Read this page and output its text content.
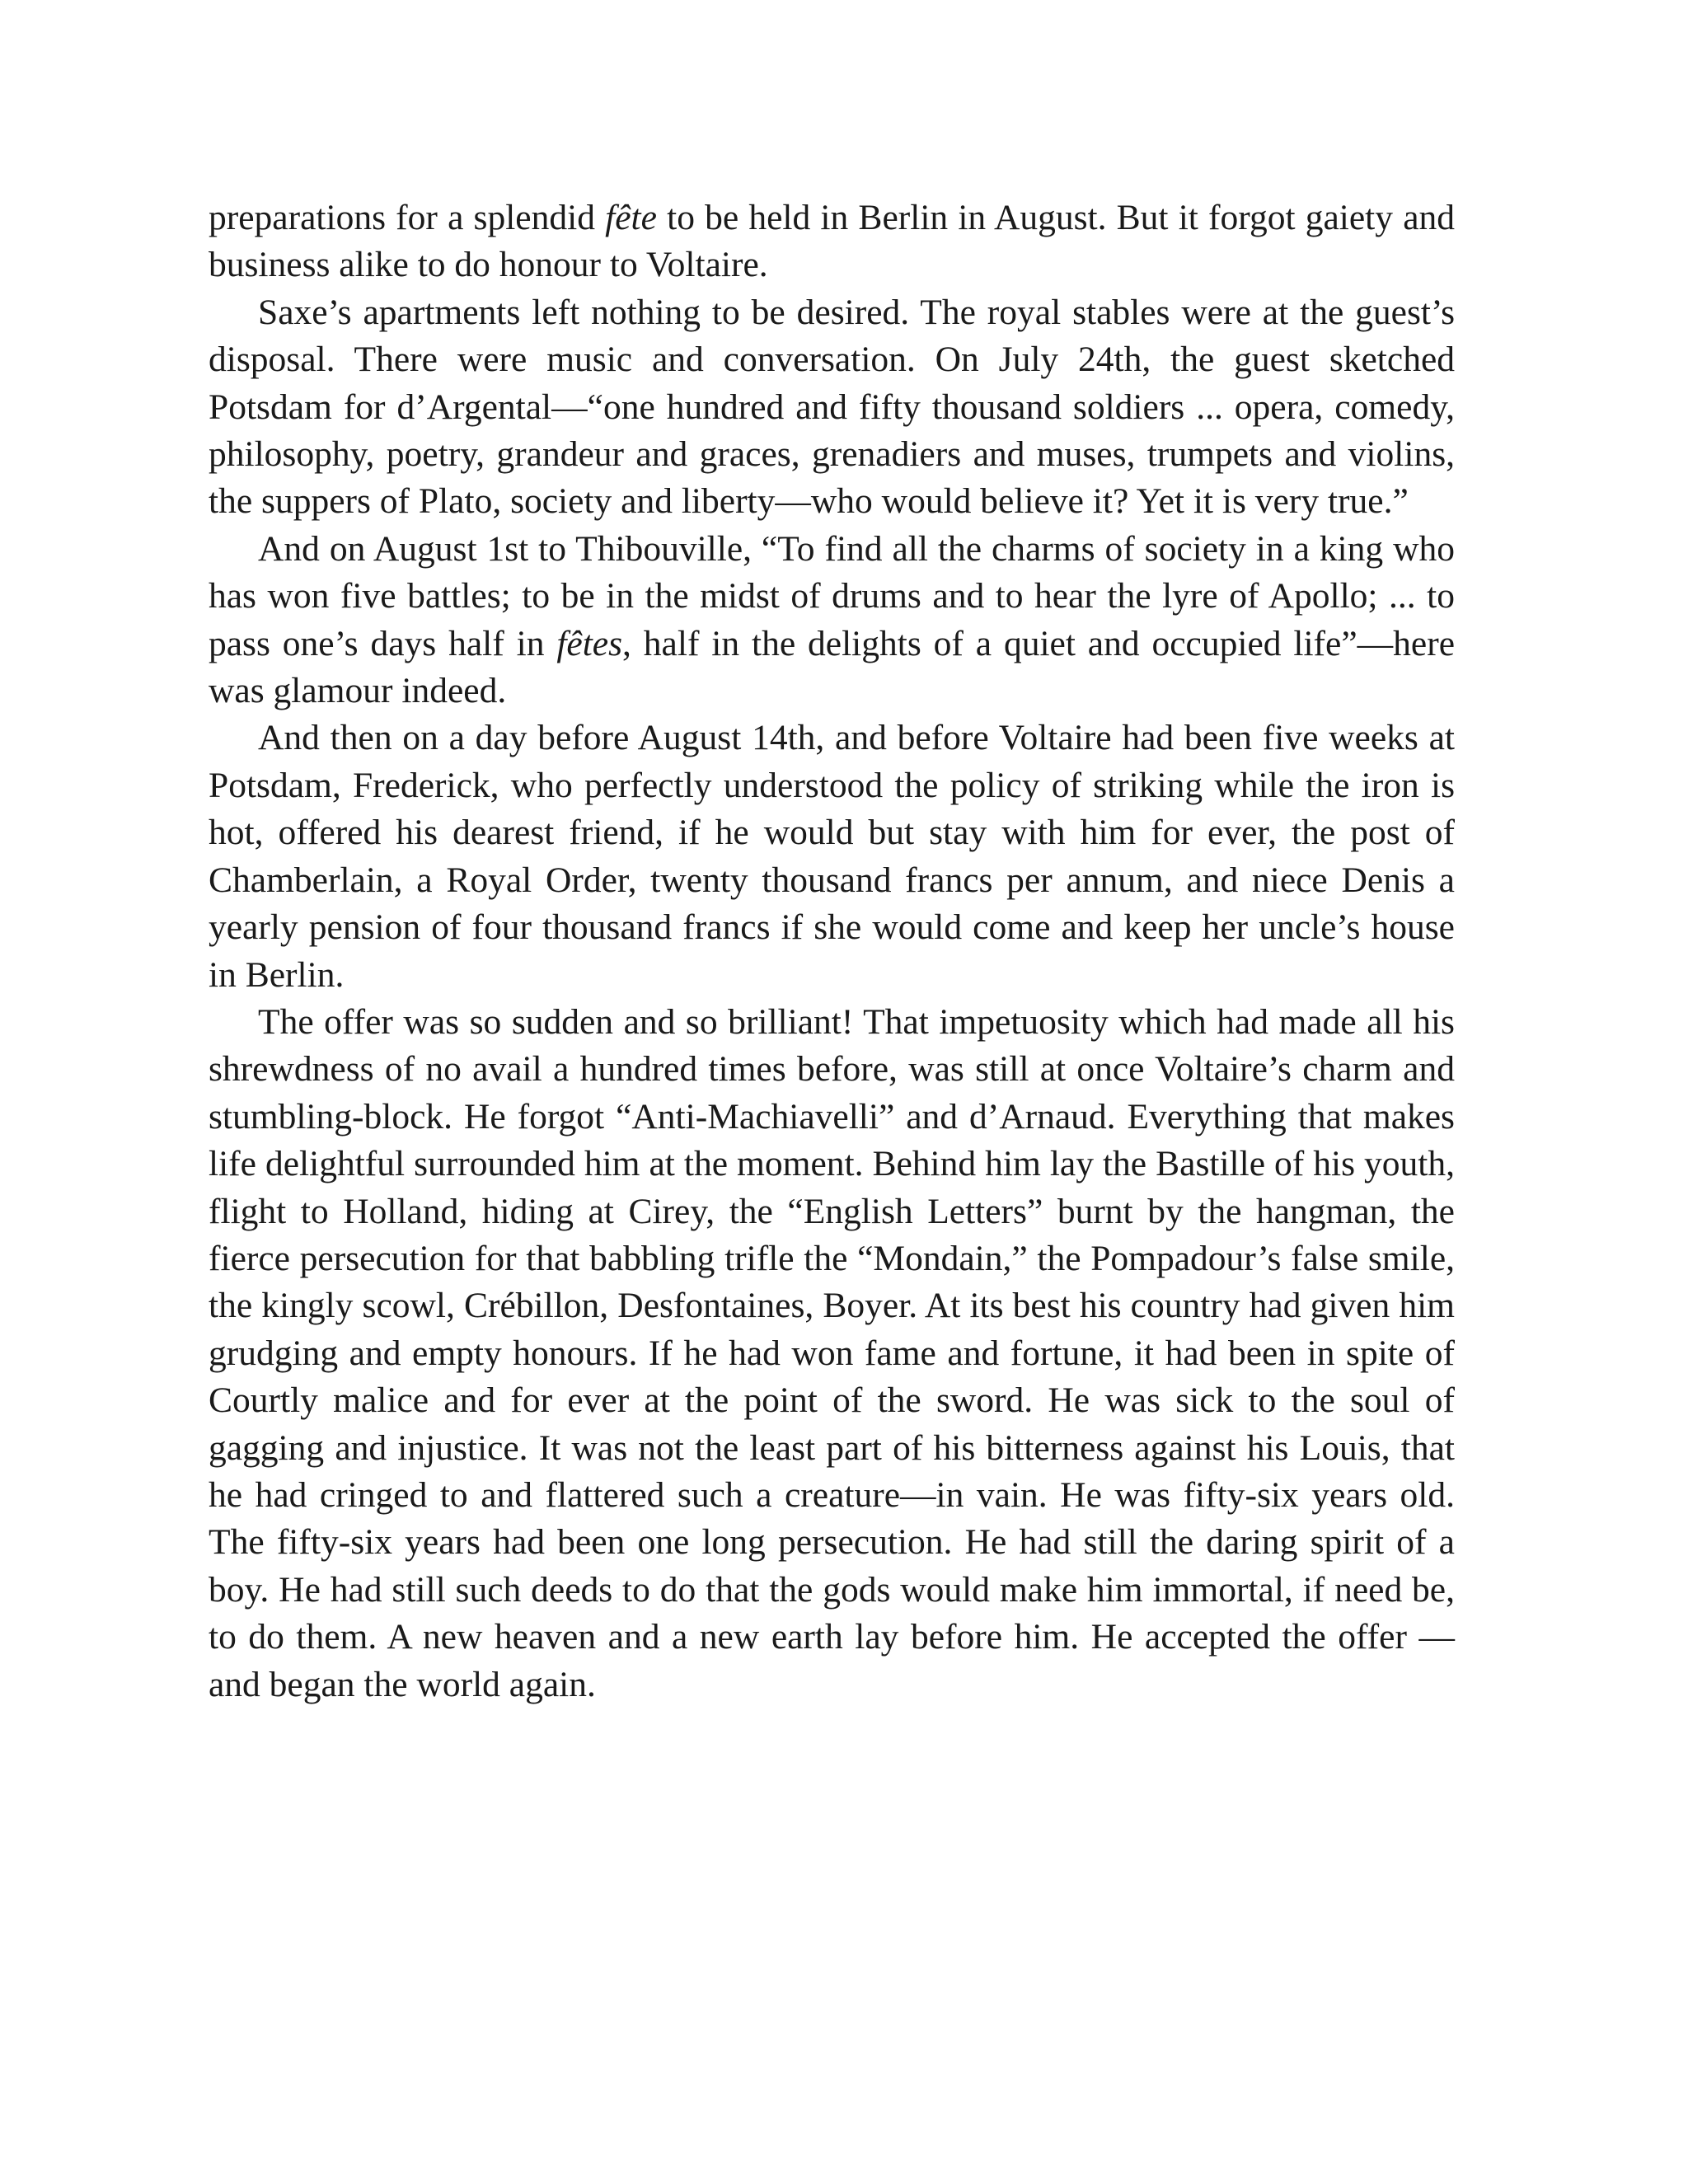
preparations for a splendid fête to be held in Berlin in August. But it forgot gaiety and business alike to do honour to Voltaire.

Saxe’s apartments left nothing to be desired. The royal stables were at the guest’s disposal. There were music and conversation. On July 24th, the guest sketched Potsdam for d’Argental—“one hundred and fifty thousand soldiers ... opera, comedy, philosophy, poetry, grandeur and graces, grenadiers and muses, trumpets and violins, the suppers of Plato, society and liberty—who would believe it? Yet it is very true.”

And on August 1st to Thibouville, “To find all the charms of society in a king who has won five battles; to be in the midst of drums and to hear the lyre of Apollo; ... to pass one’s days half in fêtes, half in the delights of a quiet and occupied life”—here was glamour indeed.

And then on a day before August 14th, and before Voltaire had been five weeks at Potsdam, Frederick, who perfectly understood the policy of striking while the iron is hot, offered his dearest friend, if he would but stay with him for ever, the post of Chamberlain, a Royal Order, twenty thousand francs per annum, and niece Denis a yearly pension of four thousand francs if she would come and keep her uncle’s house in Berlin.

The offer was so sudden and so brilliant! That impetuosity which had made all his shrewdness of no avail a hundred times before, was still at once Voltaire’s charm and stumbling-block. He forgot “Anti-Machiavelli” and d’Arnaud. Everything that makes life delightful surrounded him at the moment. Behind him lay the Bastille of his youth, flight to Holland, hiding at Cirey, the “English Letters” burnt by the hangman, the fierce persecution for that babbling trifle the “Mondain,” the Pompadour’s false smile, the kingly scowl, Crébillon, Desfontaines, Boyer. At its best his country had given him grudging and empty honours. If he had won fame and fortune, it had been in spite of Courtly malice and for ever at the point of the sword. He was sick to the soul of gagging and injustice. It was not the least part of his bitterness against his Louis, that he had cringed to and flattered such a creature—in vain. He was fifty-six years old. The fifty-six years had been one long persecution. He had still the daring spirit of a boy. He had still such deeds to do that the gods would make him immortal, if need be, to do them. A new heaven and a new earth lay before him. He accepted the offer —and began the world again.
